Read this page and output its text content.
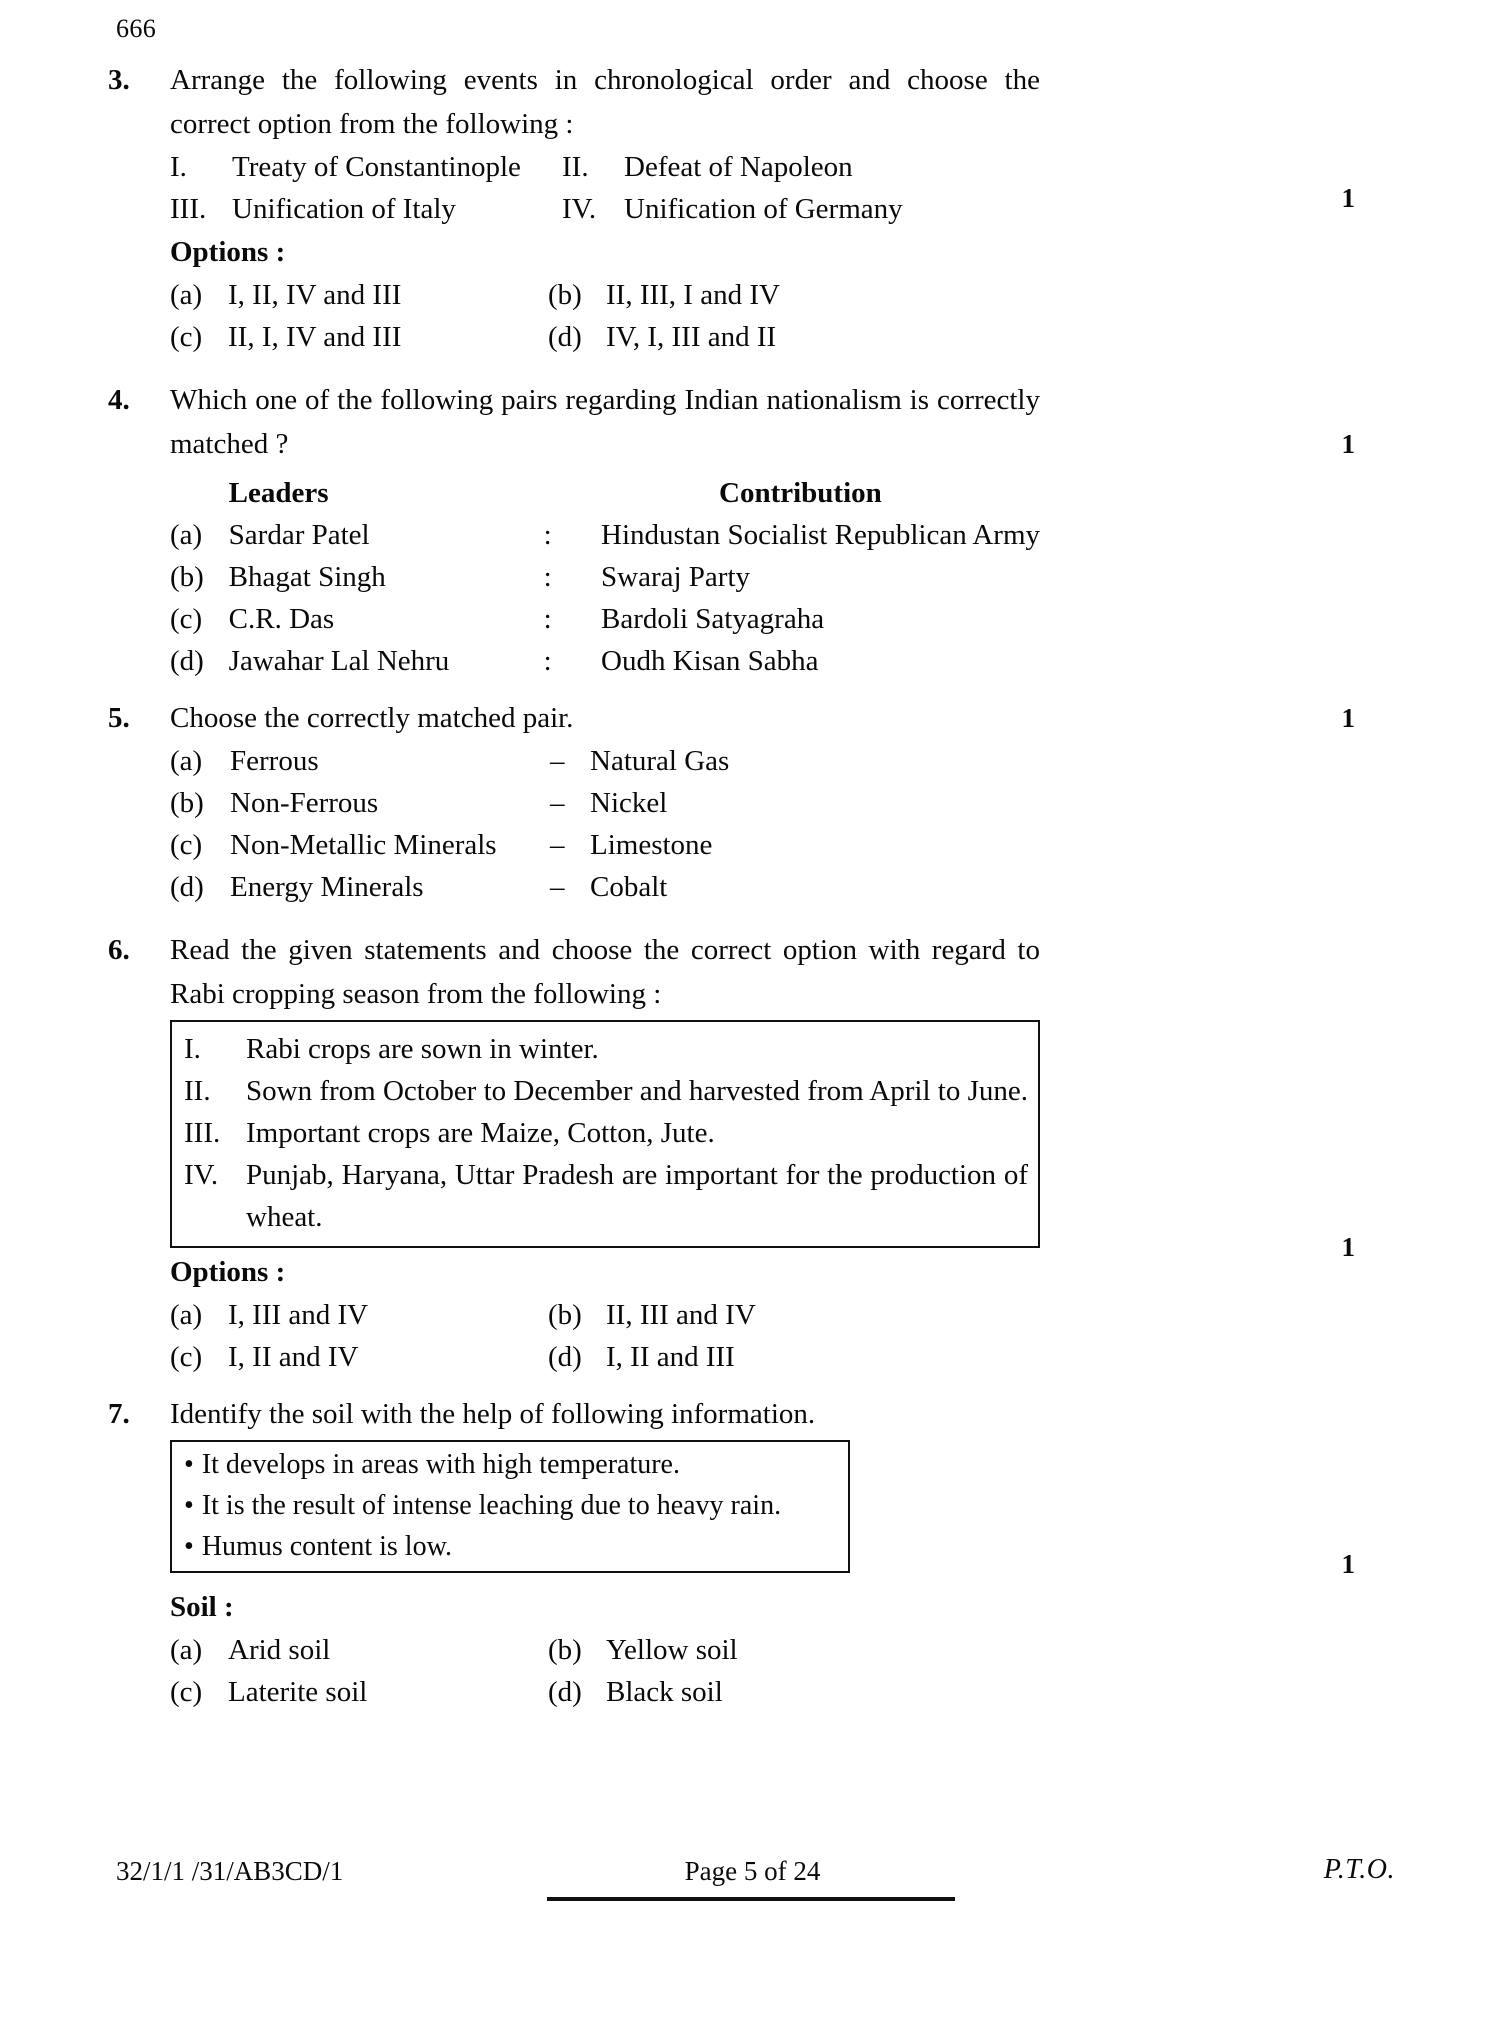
666
1
3.	Arrange the following events in chronological order and choose the correct option from the following :
I.	Treaty of Constantinople	II.	Defeat of Napoleon
III.	Unification of Italy	IV.	Unification of Germany
Options :
(a)	I, II, IV and III	(b)	II, III, I and IV
(c)	II, I, IV and III	(d)	IV, I, III and II
1
4.	Which one of the following pairs regarding Indian nationalism is correctly matched ?
	Leaders		Contribution
(a)	Sardar Patel	:	Hindustan Socialist Republican Army
(b)	Bhagat Singh	:	Swaraj Party
(c)	C.R. Das	:	Bardoli Satyagraha
(d)	Jawahar Lal Nehru	:	Oudh Kisan Sabha
1
5.	Choose the correctly matched pair.
(a)	Ferrous	–	Natural Gas
(b)	Non-Ferrous	–	Nickel
(c)	Non-Metallic Minerals	–	Limestone
(d)	Energy Minerals	–	Cobalt
1
6.	Read the given statements and choose the correct option with regard to Rabi cropping season from the following :
I.	Rabi crops are sown in winter.
II.	Sown from October to December and harvested from April to June.
III. Important crops are Maize, Cotton, Jute.
IV. Punjab, Haryana, Uttar Pradesh are important for the production of wheat.
Options :
(a)	I, III and IV	(b)	II, III and IV
(c)	I, II and IV	(d)	I, II and III
1
7.	Identify the soil with the help of following information.
• It develops in areas with high temperature.
• It is the result of intense leaching due to heavy rain.
• Humus content is low.
Soil :
(a)	Arid soil	(b)	Yellow soil
(c)	Laterite soil	(d)	Black soil
32/1/1 /31/AB3CD/1	Page 5 of 24	P.T.O.
